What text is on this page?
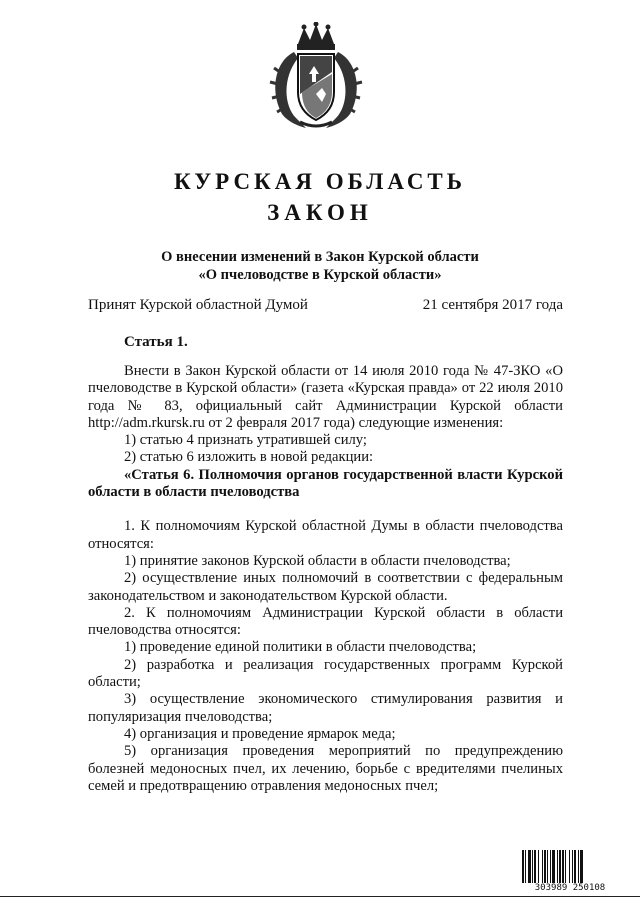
КУРСКАЯ ОБЛАСТЬ
ЗАКОН
О внесении изменений в Закон Курской области
«О пчеловодстве в Курской области»
Принят Курской областной Думой	21 сентября 2017 года
Статья 1.

Внести в Закон Курской области от 14 июля 2010 года № 47-ЗКО «О пчеловодстве в Курской области» (газета «Курская правда» от 22 июля 2010 года № 83, официальный сайт Администрации Курской области http://adm.rkursk.ru от 2 февраля 2017 года) следующие изменения:

1) статью 4 признать утратившей силу;

2) статью 6 изложить в новой редакции:

«Статья 6. Полномочия органов государственной власти Курской области в области пчеловодства

1. К полномочиям Курской областной Думы в области пчеловодства относятся:

1) принятие законов Курской области в области пчеловодства;

2) осуществление иных полномочий в соответствии с федеральным законодательством и законодательством Курской области.

2. К полномочиям Администрации Курской области в области пчеловодства относятся:

1) проведение единой политики в области пчеловодства;

2) разработка и реализация государственных программ Курской области;

3) осуществление экономического стимулирования развития и популяризация пчеловодства;

4) организация и проведение ярмарок меда;

5) организация проведения мероприятий по предупреждению болезней медоносных пчел, их лечению, борьбе с вредителями пчелиных семей и предотвращению отравления медоносных пчел;

303989 250108
